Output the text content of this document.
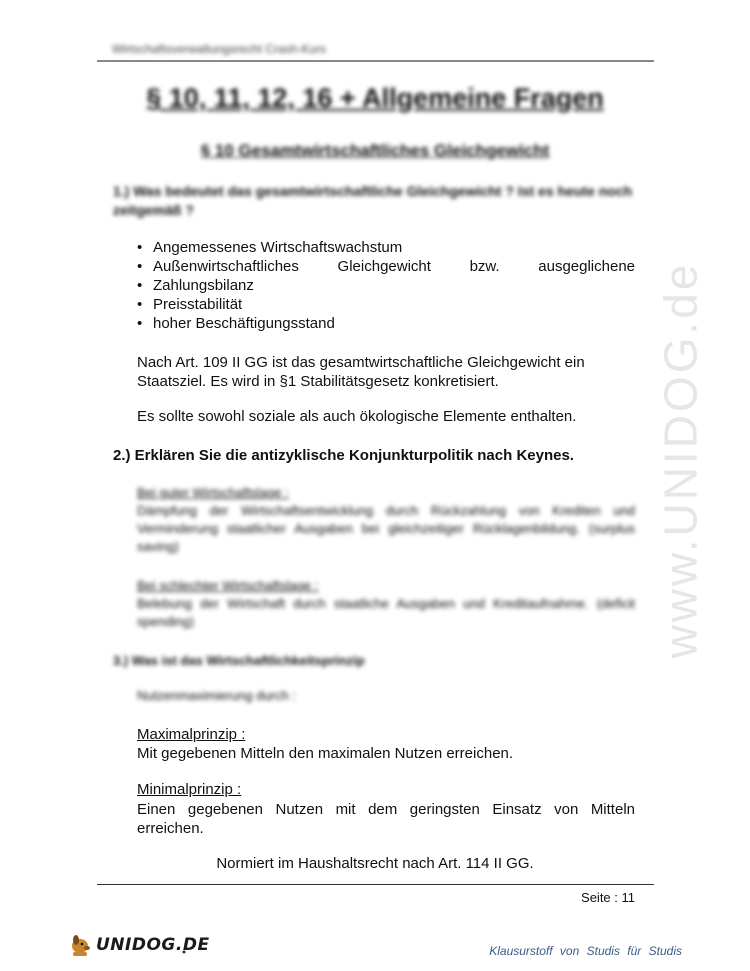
Wirtschaftsverwaltungsrecht Crash-Kurs
§ 10, 11, 12, 16 + Allgemeine Fragen
§ 10 Gesamtwirtschaftliches Gleichgewicht
1.) Was bedeutet das gesamtwirtschaftliche Gleichgewicht ? Ist es heute noch zeitgemäß ?
• Angemessenes Wirtschaftswachstum
• Außenwirtschaftliches Gleichgewicht bzw. ausgeglichene
• Zahlungsbilanz
• Preisstabilität
• hoher Beschäftigungsstand
Nach Art. 109 II GG ist das gesamtwirtschaftliche Gleichgewicht ein Staatsziel. Es wird in §1 Stabilitätsgesetz konkretisiert.
Es sollte sowohl soziale als auch ökologische Elemente enthalten.
2.) Erklären Sie die antizyklische Konjunkturpolitik nach Keynes.
Bei guter Wirtschaftslage :
Dämpfung der Wirtschaftsentwicklung durch Rückzahlung von Krediten und Verminderung staatlicher Ausgaben bei gleichzeitiger Rücklagenbildung. (surplus saving)
Bei schlechter Wirtschaftslage :
Belebung der Wirtschaft durch staatliche Ausgaben und Kreditaufnahme. (deficit spending)
3.) Was ist das Wirtschaftlichkeitsprinzip
Nutzenmaximierung durch :
Maximalprinzip :
Mit gegebenen Mitteln den maximalen Nutzen erreichen.
Minimalprinzip :
Einen gegebenen Nutzen mit dem geringsten Einsatz von Mitteln
erreichen.
Normiert im Haushaltsrecht nach Art. 114 II GG.
Seite : 11
www.UNIDOG.de
UNIDOG.DE	Klausurstoff von Studis für Studis
